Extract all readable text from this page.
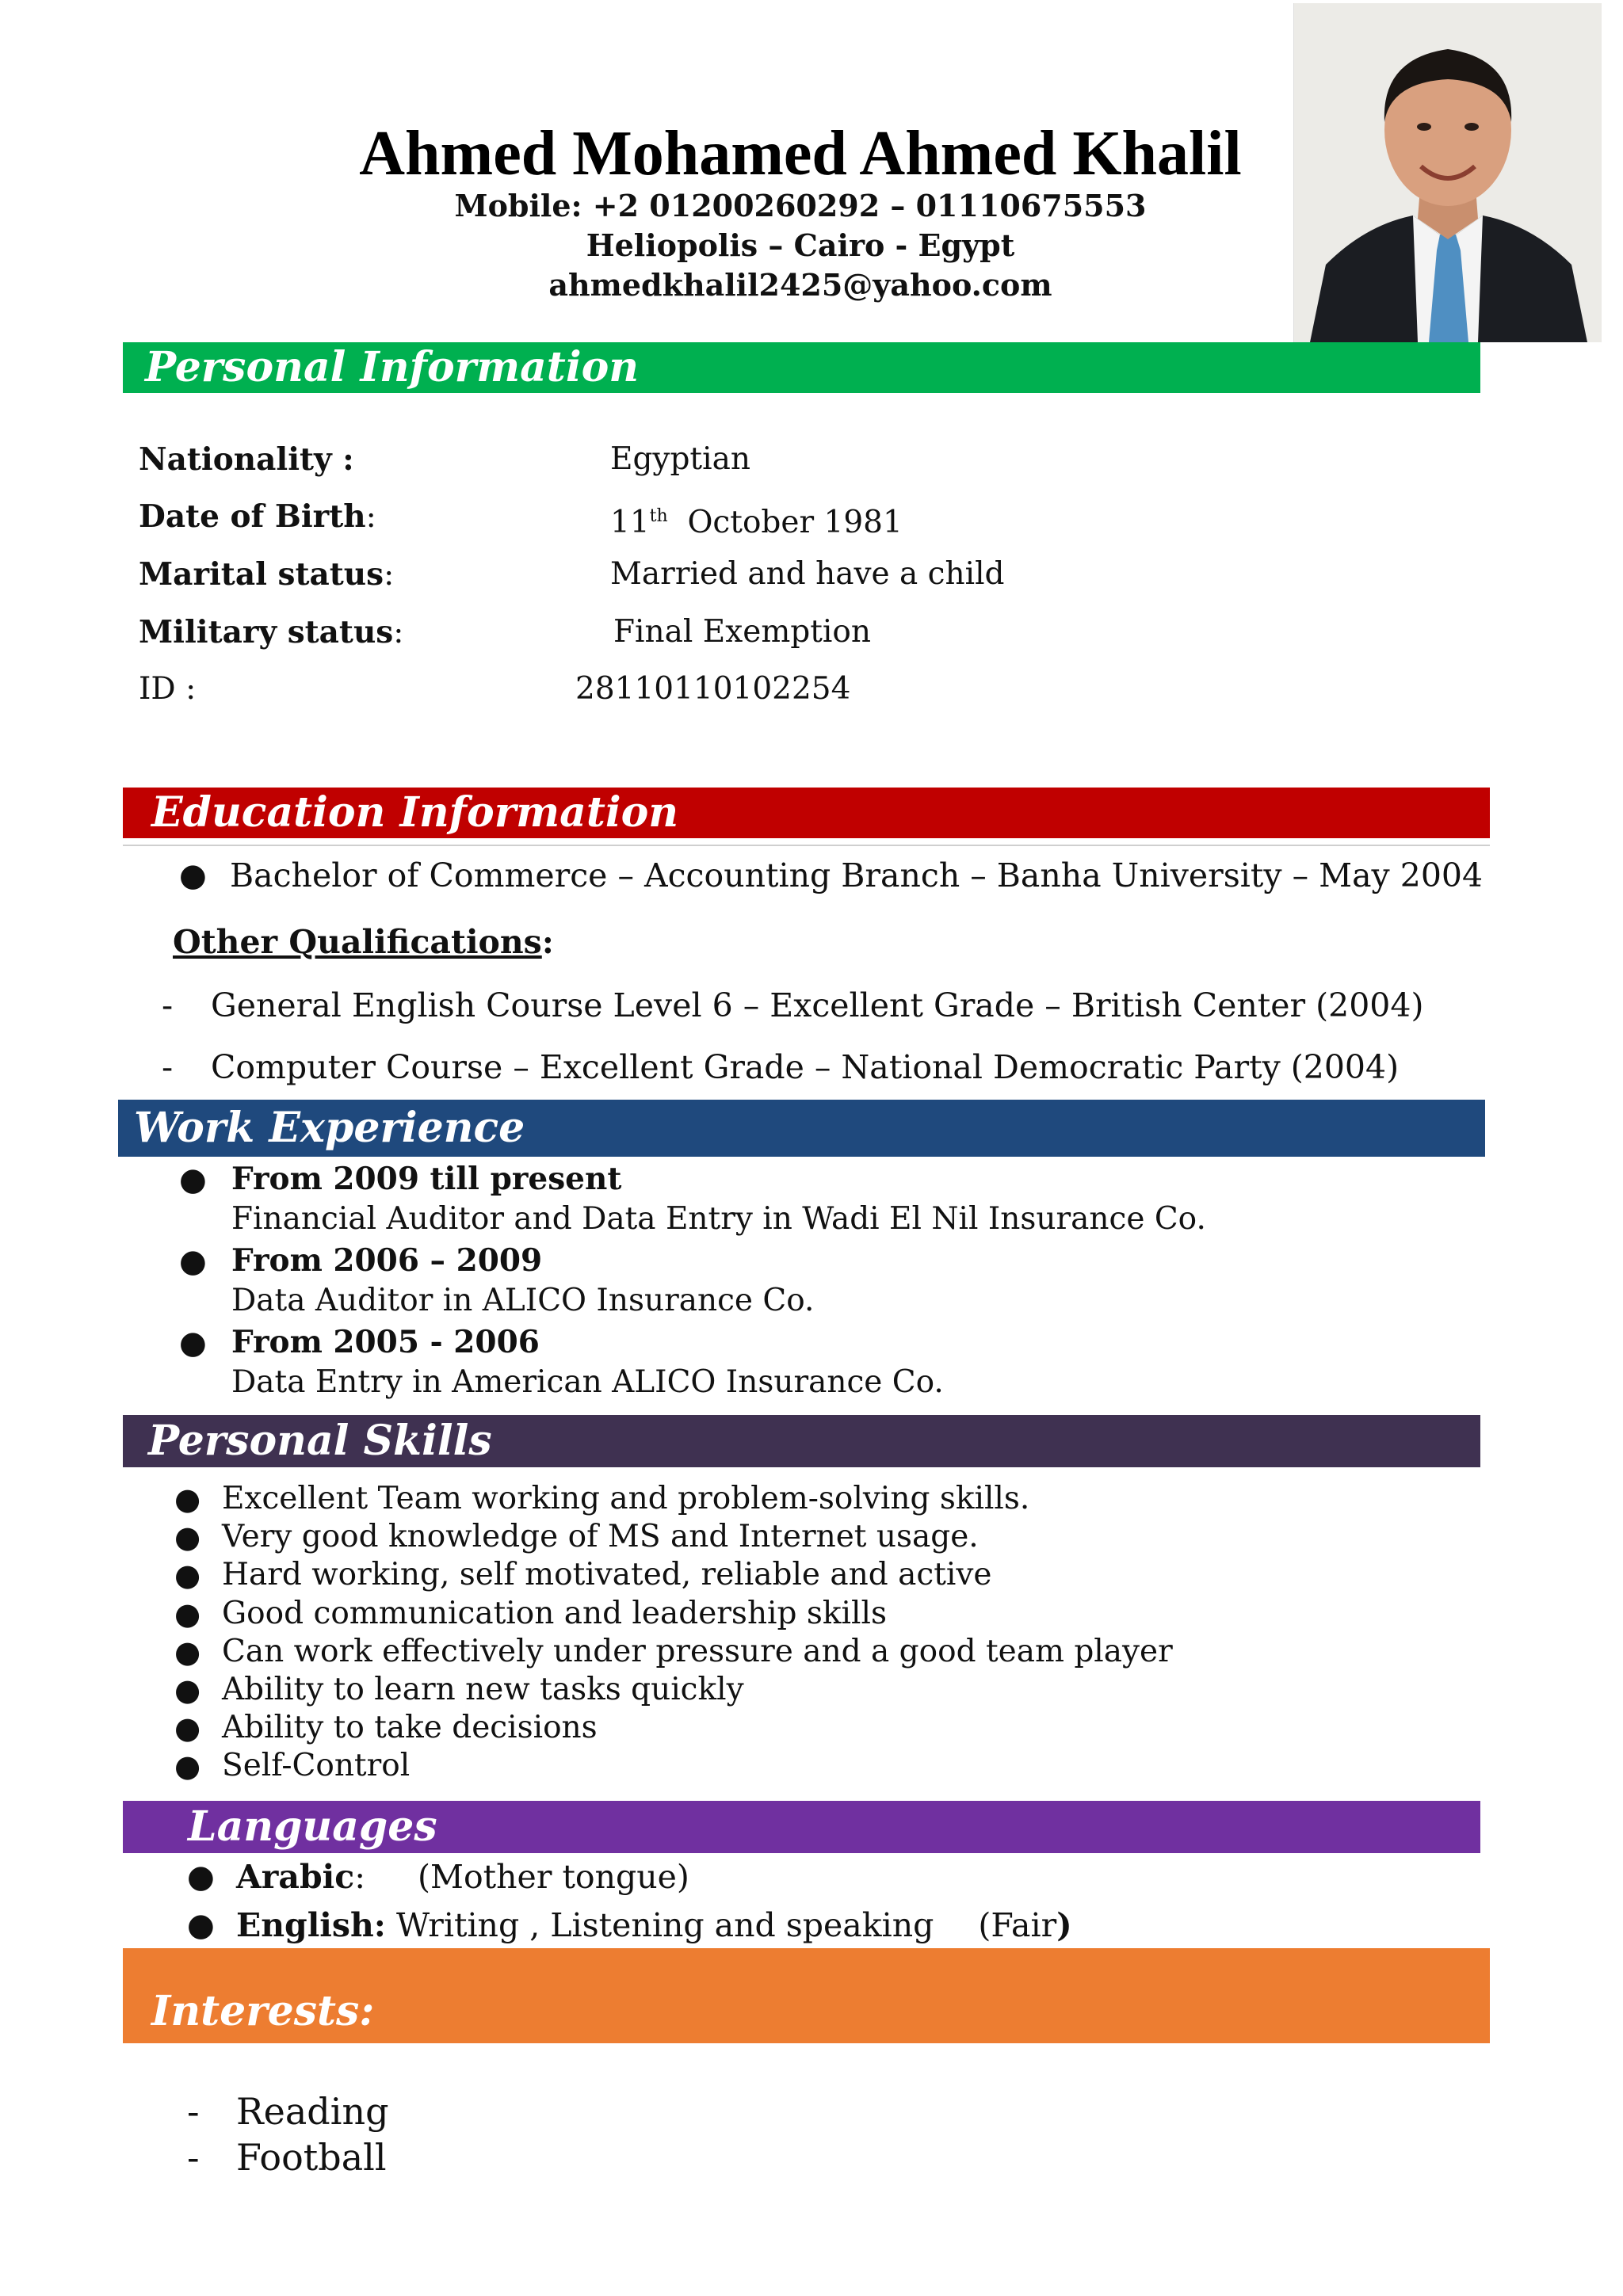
Ahmed Mohamed Ahmed Khalil
Mobile: +2 01200260292 – 01110675553
Heliopolis – Cairo - Egypt
ahmedkhalil2425@yahoo.com
Personal Information
Nationality :	Egyptian
Date of Birth:	11th October 1981
Marital status:	Married and have a child
Military status:	Final Exemption
ID :	28110110102254
Education Information
● Bachelor of Commerce – Accounting Branch – Banha University – May 2004
Other Qualifications:
- General English Course Level 6 – Excellent Grade – British Center (2004)
- Computer Course – Excellent Grade – National Democratic Party (2004)
Work Experience
● From 2009 till present
Financial Auditor and Data Entry in Wadi El Nil Insurance Co.
● From 2006 – 2009
Data Auditor in ALICO Insurance Co.
● From 2005 - 2006
Data Entry in American ALICO Insurance Co.
Personal Skills
● Excellent Team working and problem-solving skills.
● Very good knowledge of MS and Internet usage.
● Hard working, self motivated, reliable and active
● Good communication and leadership skills
● Can work effectively under pressure and a good team player
● Ability to learn new tasks quickly
● Ability to take decisions
● Self-Control
Languages
● Arabic: (Mother tongue)
● English: Writing , Listening and speaking (Fair)
Interests:
- Reading
- Football
